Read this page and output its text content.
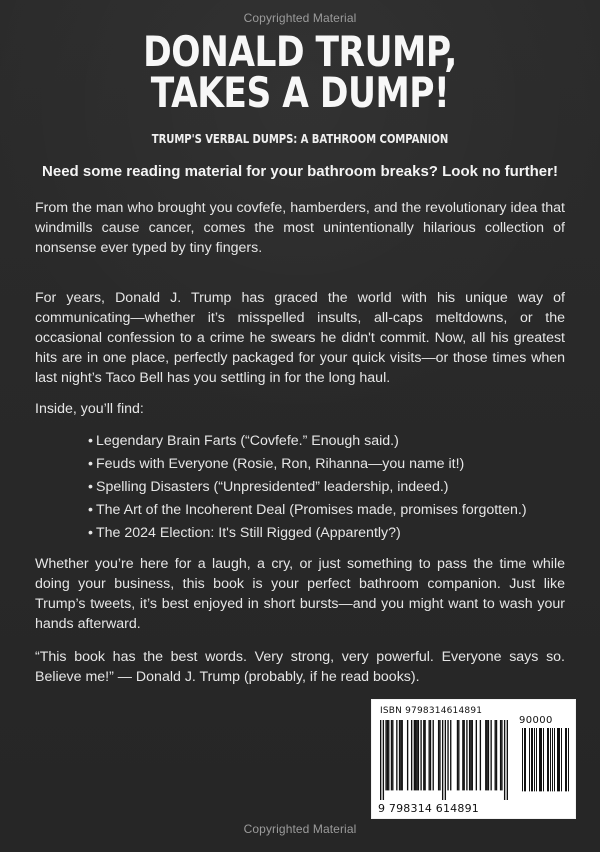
Copyrighted Material
DONALD TRUMP,
TAKES A DUMP!
TRUMP'S VERBAL DUMPS: A BATHROOM COMPANION
Need some reading material for your bathroom breaks? Look no further!
From the man who brought you covfefe, hamberders, and the revolutionary idea that windmills cause cancer, comes the most unintentionally hilarious collection of nonsense ever typed by tiny fingers.
For years, Donald J. Trump has graced the world with his unique way of communicating—whether it’s misspelled insults, all-caps meltdowns, or the occasional confession to a crime he swears he didn't commit. Now, all his greatest hits are in one place, perfectly packaged for your quick visits—or those times when last night’s Taco Bell has you settling in for the long haul.
Inside, you’ll find:
• Legendary Brain Farts (“Covfefe.” Enough said.)
• Feuds with Everyone (Rosie, Ron, Rihanna—you name it!)
• Spelling Disasters (“Unpresidented” leadership, indeed.)
• The Art of the Incoherent Deal (Promises made, promises forgotten.)
• The 2024 Election: It's Still Rigged (Apparently?)
Whether you’re here for a laugh, a cry, or just something to pass the time while doing your business, this book is your perfect bathroom companion. Just like Trump’s tweets, it’s best enjoyed in short bursts—and you might want to wash your hands afterward.
“This book has the best words. Very strong, very powerful. Everyone says so. Believe me!” — Donald J. Trump (probably, if he read books).
ISBN 9798314614891
90000
9 798314 614891
Copyrighted Material
